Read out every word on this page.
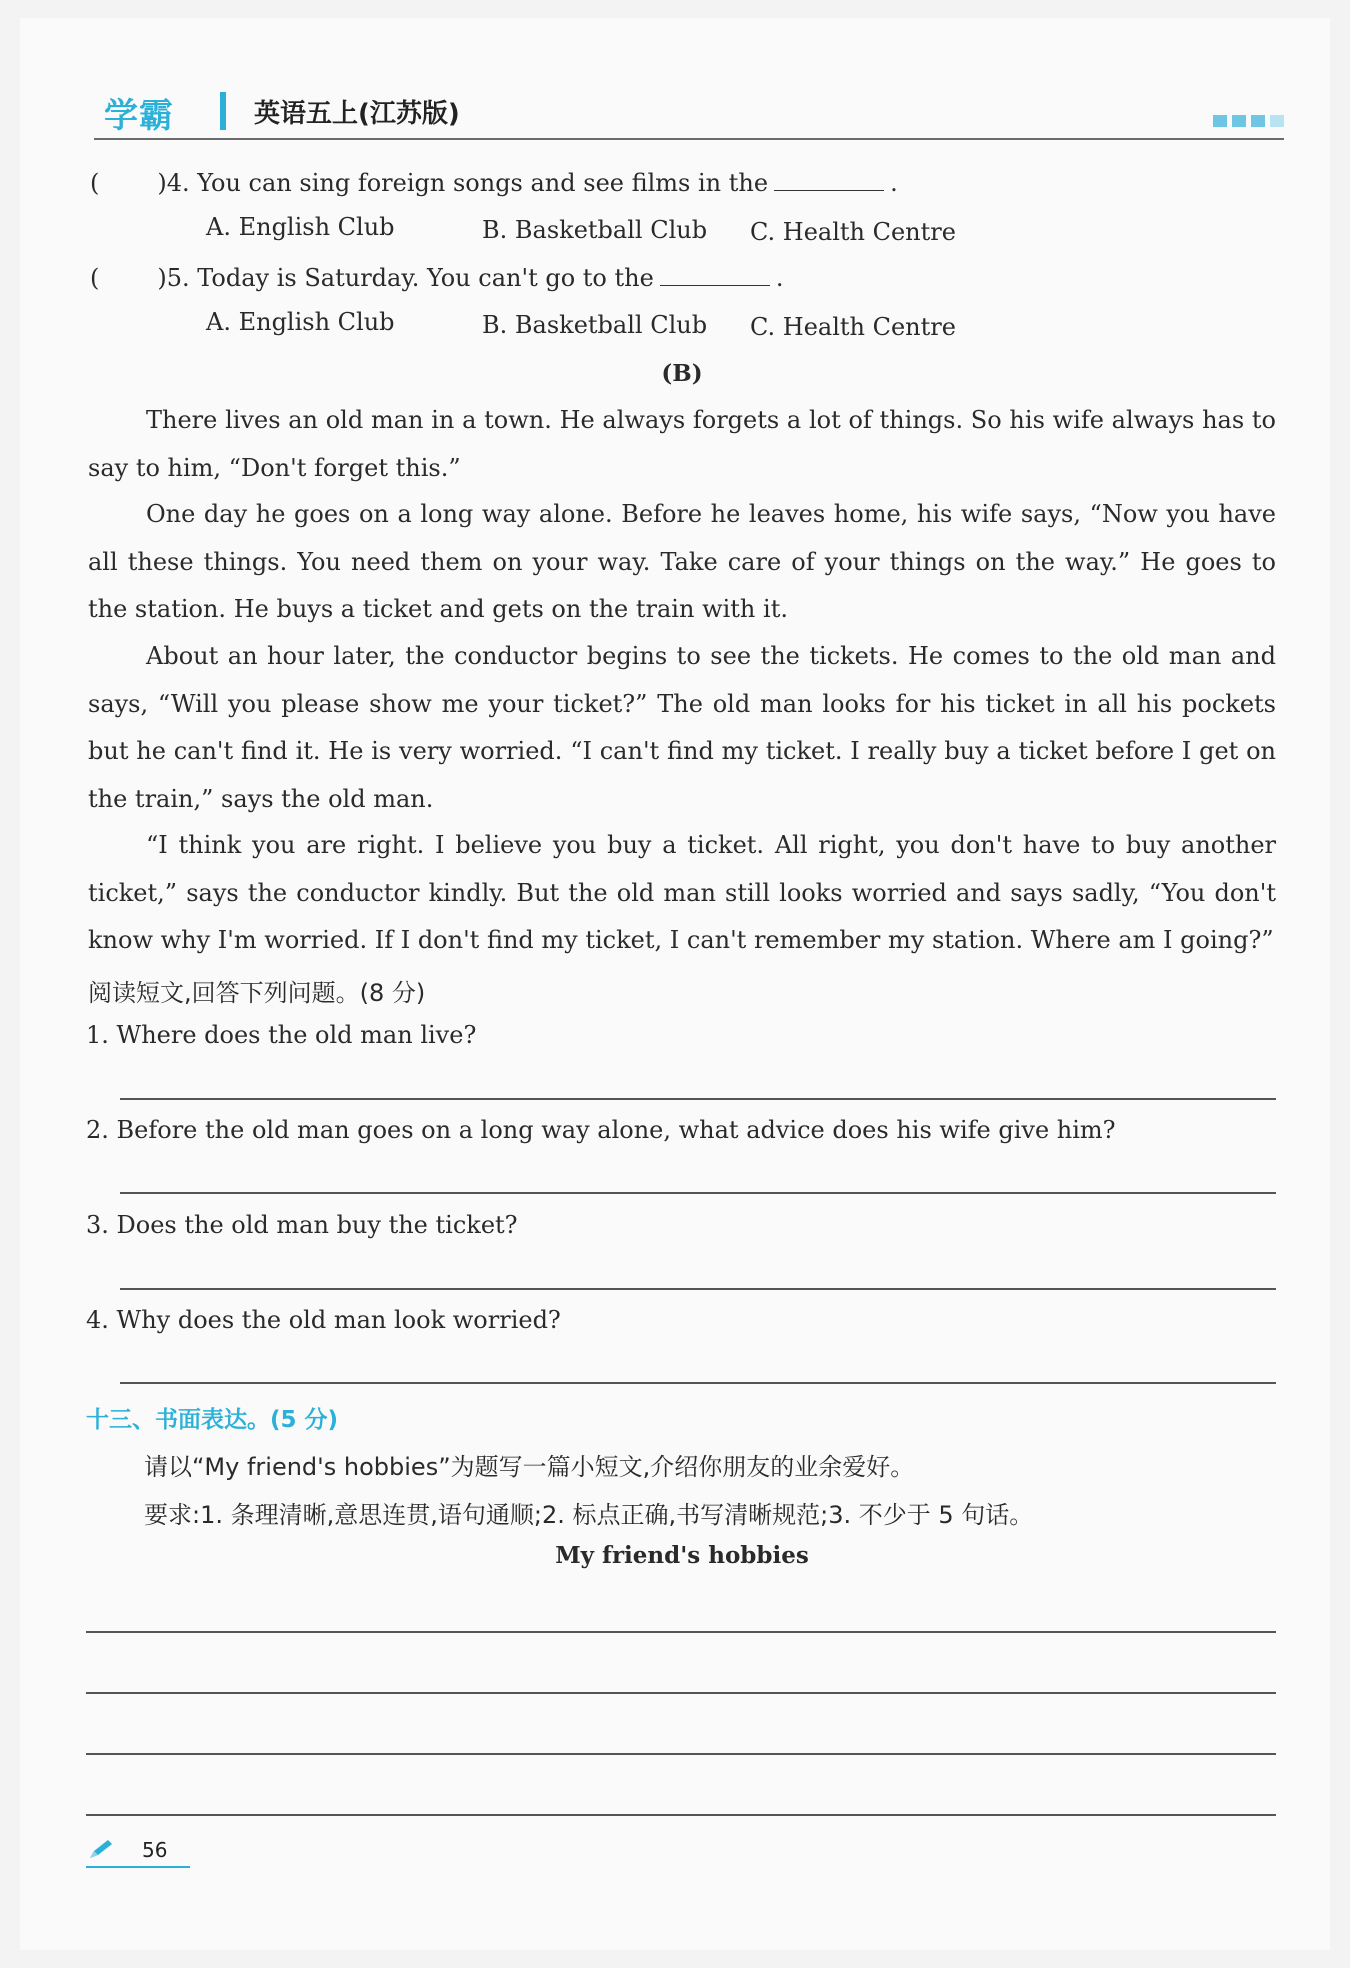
学霸	英语五上(江苏版)
( )4. You can sing foreign songs and see films in the	.
A. English Club	B. Basketball Club C. Health Centre
( )5. Today is Saturday. You can't go to the	.
A. English Club	B. Basketball Club C. Health Centre
(B)
There lives an old man in a town. He always forgets a lot of things. So his wife always has to say to him, “Don't forget this.”
One day he goes on a long way alone. Before he leaves home, his wife says, “Now you have all these things. You need them on your way. Take care of your things on the way.” He goes to the station. He buys a ticket and gets on the train with it.
About an hour later, the conductor begins to see the tickets. He comes to the old man and says, “Will you please show me your ticket?” The old man looks for his ticket in all his pockets but he can't find it. He is very worried. “I can't find my ticket. I really buy a ticket before I get on the train,” says the old man.
“I think you are right. I believe you buy a ticket. All right, you don't have to buy another ticket,” says the conductor kindly. But the old man still looks worried and says sadly, “You don't know why I'm worried. If I don't find my ticket, I can't remember my station. Where am I going?”
阅读短文,回答下列问题。(8 分)
1. Where does the old man live?
2. Before the old man goes on a long way alone, what advice does his wife give him?
3. Does the old man buy the ticket?
4. Why does the old man look worried?
十三、书面表达。(5 分)
请以“My friend's hobbies”为题写一篇小短文,介绍你朋友的业余爱好。
要求:1. 条理清晰,意思连贯,语句通顺;2. 标点正确,书写清晰规范;3. 不少于 5 句话。
My friend's hobbies
56
